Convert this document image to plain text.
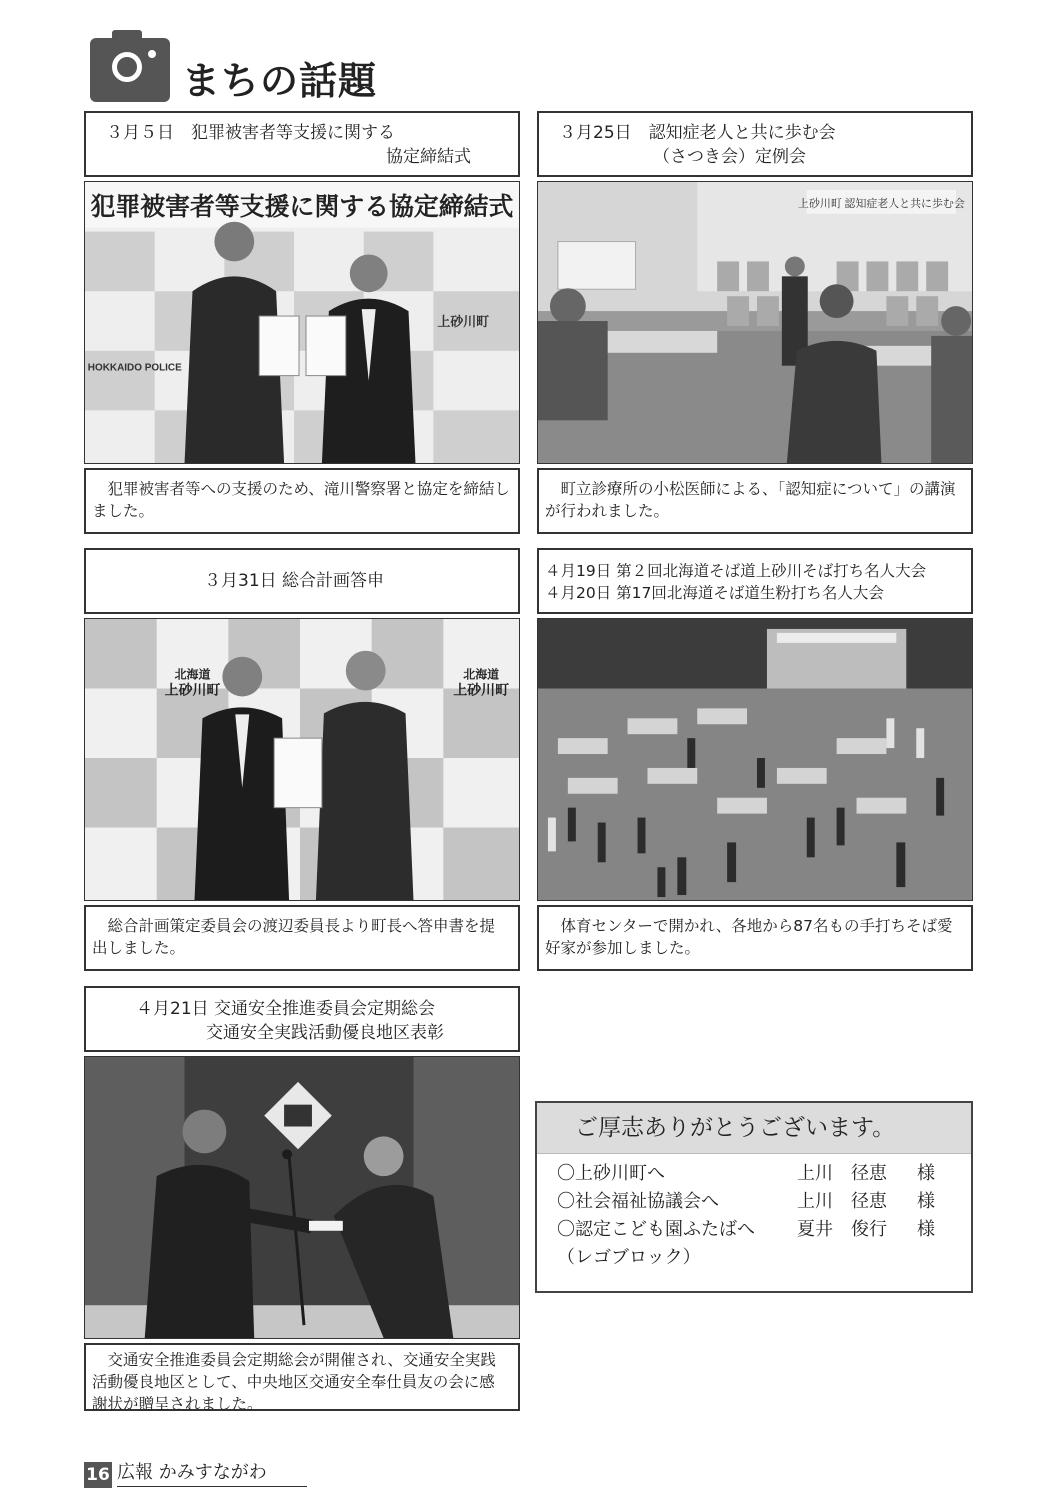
まちの話題
３月５日　犯罪被害者等支援に関する
協定締結式
犯罪被害者等支援に関する協定締結式
HOKKAIDO POLICE
上砂川町
　犯罪被害者等への支援のため、滝川警察署と協定を締結しました。
３月25日　認知症老人と共に歩む会
（さつき会）定例会
上砂川町 認知症老人と共に歩む会
　町立診療所の小松医師による、「認知症について」の講演が行われました。
３月31日 総合計画答申
北海道
上砂川町
北海道
上砂川町
　総合計画策定委員会の渡辺委員長より町長へ答申書を提出しました。
４月19日 第２回北海道そば道上砂川そば打ち名人大会
４月20日 第17回北海道そば道生粉打ち名人大会
　体育センターで開かれ、各地から87名もの手打ちそば愛好家が参加しました。
４月21日 交通安全推進委員会定期総会
交通安全実践活動優良地区表彰
　交通安全推進委員会定期総会が開催され、交通安全実践活動優良地区として、中央地区交通安全奉仕員友の会に感謝状が贈呈されました。
ご厚志ありがとうございます。
〇上砂川町へ	上川　径恵 様
〇社会福祉協議会へ	上川　径恵 様
〇認定こども園ふたばへ 夏井　俊行 様
（レゴブロック）
16 広報 かみすながわ
